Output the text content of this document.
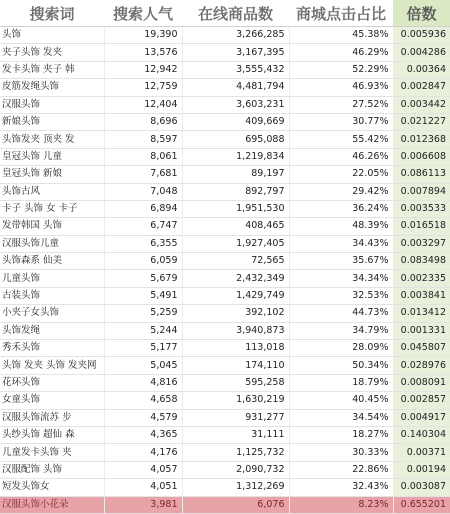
搜索词	搜索人气	在线商品数	商城点击占比	倍数
头饰	19,390	3,266,285	45.38%	0.005936
夹子头饰 发夹	13,576	3,167,395	46.29%	0.004286
发卡头饰 夹子 韩	12,942	3,555,432	52.29%	0.00364
皮筋发绳头饰	12,759	4,481,794	46.93%	0.002847
汉服头饰	12,404	3,603,231	27.52%	0.003442
新娘头饰	8,696	409,669	30.77%	0.021227
头饰发夹 顶夹 发	8,597	695,088	55.42%	0.012368
皇冠头饰 儿童	8,061	1,219,834	46.26%	0.006608
皇冠头饰 新娘	7,681	89,197	22.05%	0.086113
头饰古风	7,048	892,797	29.42%	0.007894
卡子 头饰 女 卡子	6,894	1,951,530	36.24%	0.003533
发带韩国 头饰	6,747	408,465	48.39%	0.016518
汉服头饰儿童	6,355	1,927,405	34.43%	0.003297
头饰森系 仙美	6,059	72,565	35.67%	0.083498
儿童头饰	5,679	2,432,349	34.34%	0.002335
古装头饰	5,491	1,429,749	32.53%	0.003841
小夹子女头饰	5,259	392,102	44.73%	0.013412
头饰发绳	5,244	3,940,873	34.79%	0.001331
秀禾头饰	5,177	113,018	28.09%	0.045807
头饰 发夹 头饰 发夹网	5,045	174,110	50.34%	0.028976
花环头饰	4,816	595,258	18.79%	0.008091
女童头饰	4,658	1,630,219	40.45%	0.002857
汉服头饰流苏 步	4,579	931,277	34.54%	0.004917
头纱头饰 超仙 森	4,365	31,111	18.27%	0.140304
儿童发卡头饰 夹	4,176	1,125,732	30.33%	0.00371
汉服配饰 头饰	4,057	2,090,732	22.86%	0.00194
短发头饰女	4,051	1,312,269	32.43%	0.003087
汉服头饰小花朵	3,981	6,076	8.23%	0.655201
